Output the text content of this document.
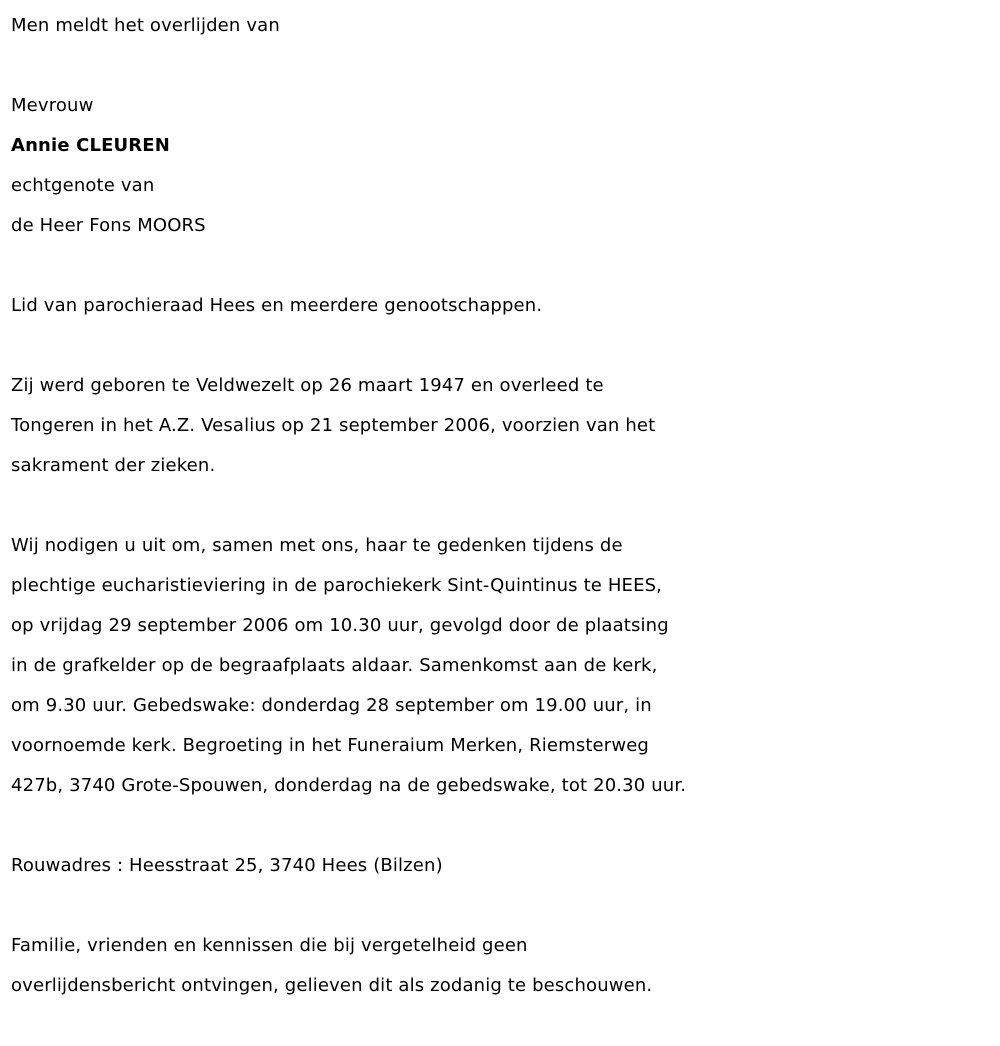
Men meldt het overlijden van
Mevrouw
Annie CLEUREN
echtgenote van
de Heer Fons MOORS
Lid van parochieraad Hees en meerdere genootschappen.
Zij werd geboren te Veldwezelt op 26 maart 1947 en overleed te
Tongeren in het A.Z. Vesalius op 21 september 2006, voorzien van het
sakrament der zieken.
Wij nodigen u uit om, samen met ons, haar te gedenken tijdens de
plechtige eucharistieviering in de parochiekerk Sint-Quintinus te HEES,
op vrijdag 29 september 2006 om 10.30 uur, gevolgd door de plaatsing
in de grafkelder op de begraafplaats aldaar. Samenkomst aan de kerk,
om 9.30 uur. Gebedswake: donderdag 28 september om 19.00 uur, in
voornoemde kerk. Begroeting in het Funeraium Merken, Riemsterweg
427b, 3740 Grote-Spouwen, donderdag na de gebedswake, tot 20.30 uur.
Rouwadres : Heesstraat 25, 3740 Hees (Bilzen)
Familie, vrienden en kennissen die bij vergetelheid geen
overlijdensbericht ontvingen, gelieven dit als zodanig te beschouwen.
